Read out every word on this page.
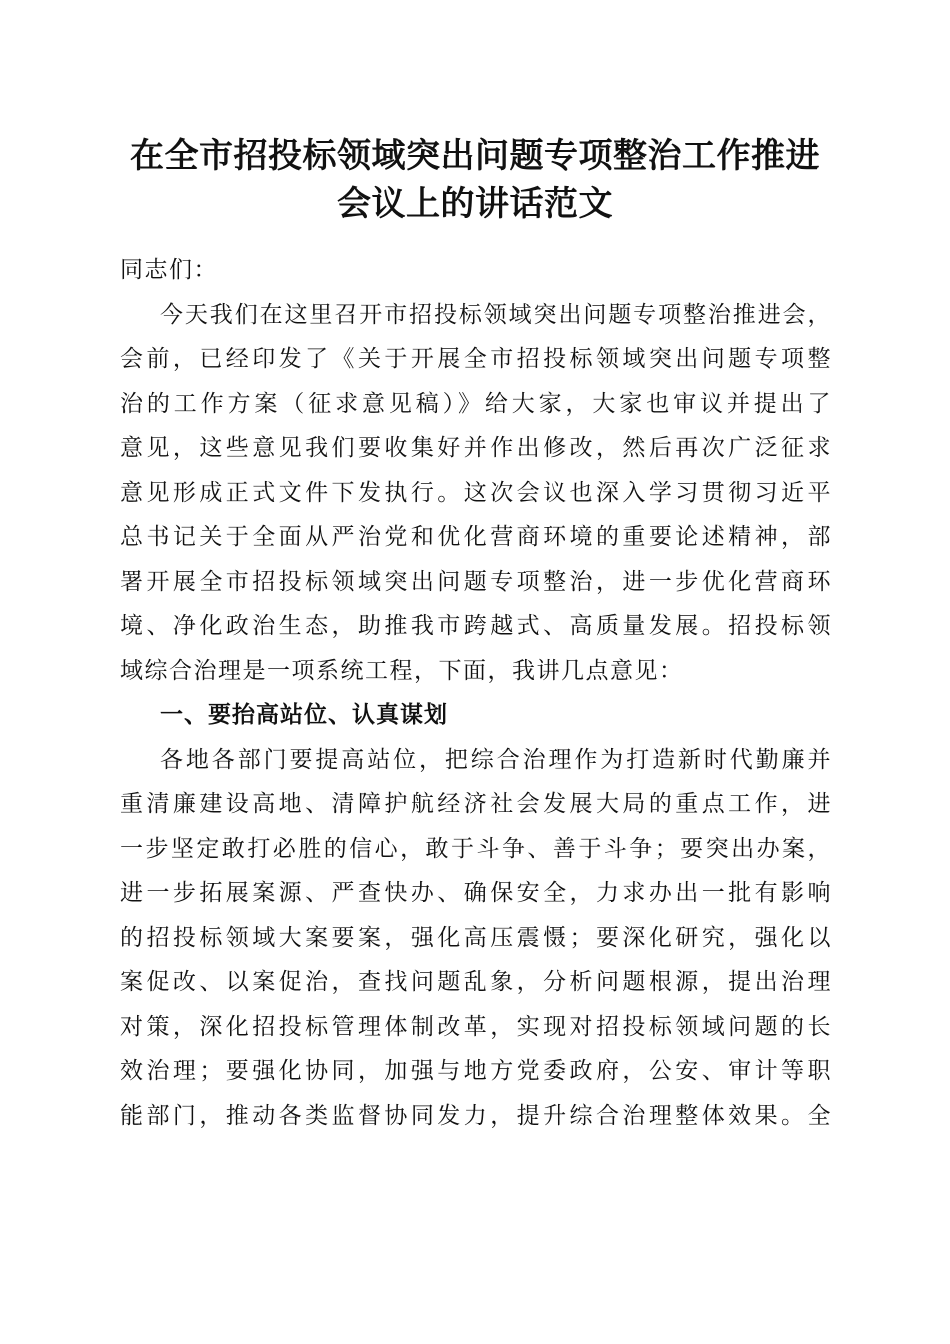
在全市招投标领域突出问题专项整治工作推进
会议上的讲话范文

同志们：

今天我们在这里召开市招投标领域突出问题专项整治推进会，
会前，已经印发了《关于开展全市招投标领域突出问题专项整
治的工作方案（征求意见稿）》给大家，大家也审议并提出了
意见，这些意见我们要收集好并作出修改，然后再次广泛征求
意见形成正式文件下发执行。这次会议也深入学习贯彻习近平
总书记关于全面从严治党和优化营商环境的重要论述精神，部
署开展全市招投标领域突出问题专项整治，进一步优化营商环
境、净化政治生态，助推我市跨越式、高质量发展。招投标领
域综合治理是一项系统工程，下面，我讲几点意见：

一、要抬高站位、认真谋划

各地各部门要提高站位，把综合治理作为打造新时代勤廉并
重清廉建设高地、清障护航经济社会发展大局的重点工作，进
一步坚定敢打必胜的信心，敢于斗争、善于斗争；要突出办案，
进一步拓展案源、严查快办、确保安全，力求办出一批有影响
的招投标领域大案要案，强化高压震慑；要深化研究，强化以
案促改、以案促治，查找问题乱象，分析问题根源，提出治理
对策，深化招投标管理体制改革，实现对招投标领域问题的长
效治理；要强化协同，加强与地方党委政府，公安、审计等职
能部门，推动各类监督协同发力，提升综合治理整体效果。全
